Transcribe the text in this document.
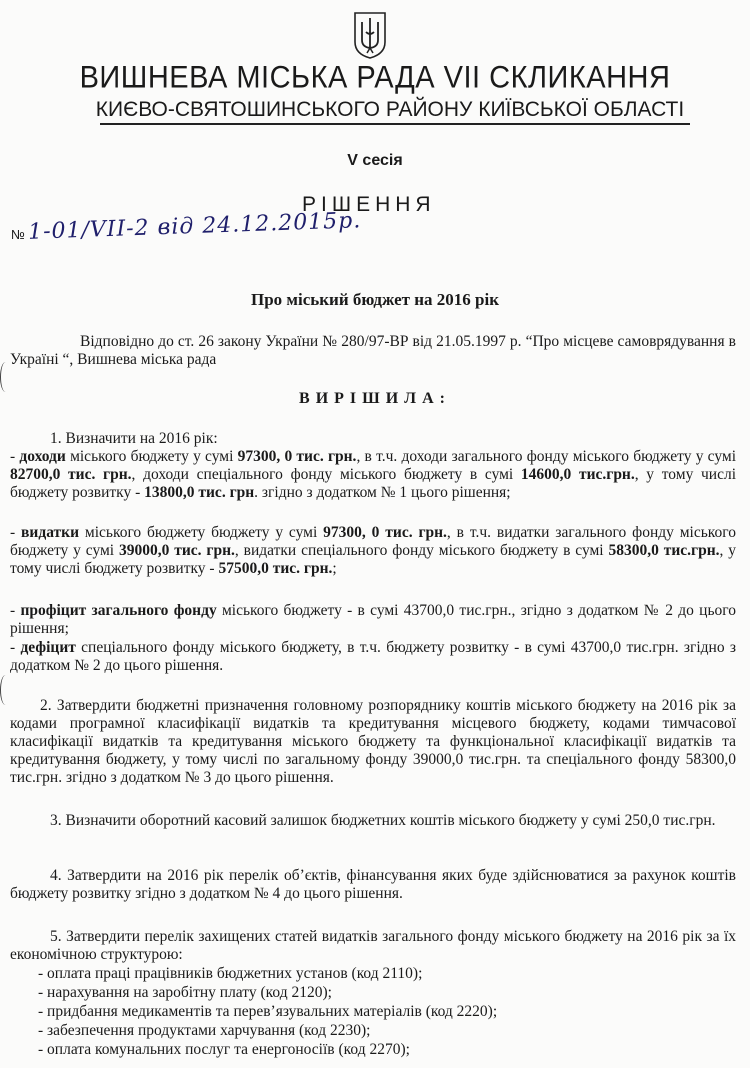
ВИШНЕВА МІСЬКА РАДА VII СКЛИКАННЯ
КИЄВО-СВЯТОШИНСЬКОГО РАЙОНУ КИЇВСЬКОЇ ОБЛАСТІ
V сесія
РІШЕННЯ
№ 1-01/VII-2 від 24.12.2015р.
Про міський бюджет на 2016 рік

Відповідно до ст. 26 закону України № 280/97-ВР від 21.05.1997 р. “Про місцеве самоврядування в Україні “, Вишнева міська рада

ВИРІШИЛА:

1. Визначити на 2016 рік:

- доходи міського бюджету у сумі 97300, 0 тис. грн., в т.ч. доходи загального фонду міського бюджету у сумі 82700,0 тис. грн., доходи спеціального фонду міського бюджету в сумі 14600,0 тис.грн., у тому числі бюджету розвитку - 13800,0 тис. грн. згідно з додатком № 1 цього рішення;

- видатки міського бюджету бюджету у сумі 97300, 0 тис. грн., в т.ч. видатки загального фонду міського бюджету у сумі 39000,0 тис. грн., видатки спеціального фонду міського бюджету в сумі 58300,0 тис.грн., у тому числі бюджету розвитку - 57500,0 тис. грн.;

- профіцит загального фонду міського бюджету - в сумі 43700,0 тис.грн., згідно з додатком № 2 до цього рішення;

- дефіцит спеціального фонду міського бюджету, в т.ч. бюджету розвитку - в сумі 43700,0 тис.грн. згідно з додатком № 2 до цього рішення.

2. Затвердити бюджетні призначення головному розпорядникy коштів міського бюджету на 2016 рік за кодами програмної класифікації видатків та кредитування місцевого бюджету, кодами тимчасової класифікації видатків та кредитування міського бюджету та функціональної класифікації видатків та кредитування бюджету, у тому числі по загальному фонду 39000,0 тис.грн. та спеціального фонду 58300,0 тис.грн. згідно з додатком № 3 до цього рішення.

3. Визначити оборотний касовий залишок бюджетних коштів міського бюджету у сумі 250,0 тис.грн.

4. Затвердити на 2016 рік перелік об’єктів, фінансування яких буде здійснюватися за рахунок коштів бюджету розвитку згідно з додатком № 4 до цього рішення.

5. Затвердити перелік захищених статей видатків загального фонду міського бюджету на 2016 рік за їх економічною структурою:

- оплата праці працівників бюджетних установ (код 2110);
- нарахування на заробітну плату (код 2120);
- придбання медикаментів та перев’язувальних матеріалів (код 2220);
- забезпечення продуктами харчування (код 2230);
- оплата комунальних послуг та енергоносіїв (код 2270);
